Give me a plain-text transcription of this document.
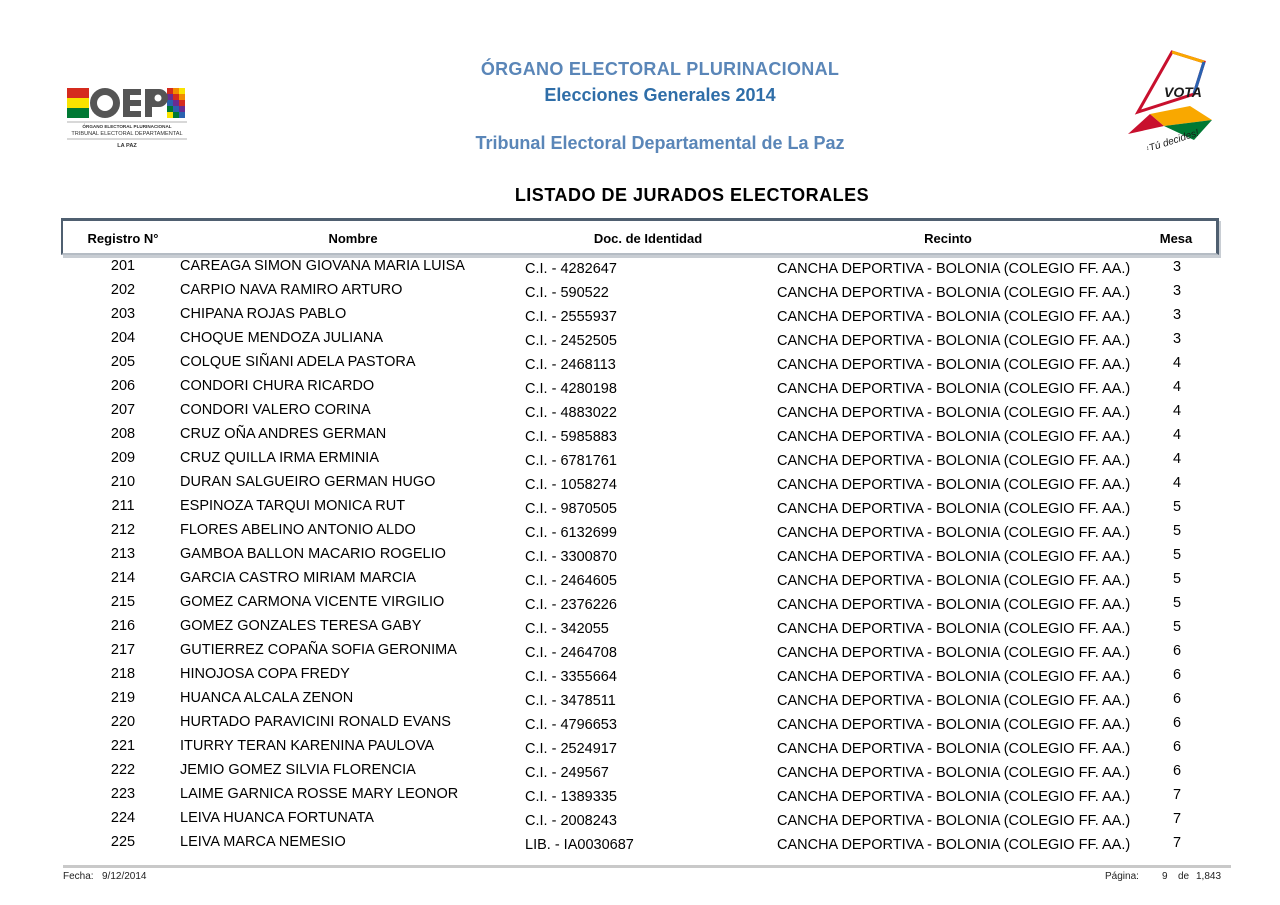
ÓRGANO ELECTORAL PLURINACIONAL
TRIBUNAL ELECTORAL DEPARTAMENTAL
LA PAZ
VOTA
¡Tú decides!
ÓRGANO ELECTORAL PLURINACIONAL
Elecciones Generales 2014
Tribunal Electoral Departamental de La Paz
LISTADO DE JURADOS ELECTORALES
Registro N°	Nombre	Doc. de Identidad	Recinto	Mesa
201	CAREAGA SIMON GIOVANA MARIA LUISA	C.I. - 4282647	CANCHA DEPORTIVA - BOLONIA (COLEGIO FF. AA.)	3
202	CARPIO NAVA RAMIRO ARTURO	C.I. - 590522	CANCHA DEPORTIVA - BOLONIA (COLEGIO FF. AA.)	3
203	CHIPANA ROJAS PABLO	C.I. - 2555937	CANCHA DEPORTIVA - BOLONIA (COLEGIO FF. AA.)	3
204	CHOQUE MENDOZA JULIANA	C.I. - 2452505	CANCHA DEPORTIVA - BOLONIA (COLEGIO FF. AA.)	3
205	COLQUE SIÑANI ADELA PASTORA	C.I. - 2468113	CANCHA DEPORTIVA - BOLONIA (COLEGIO FF. AA.)	4
206	CONDORI CHURA RICARDO	C.I. - 4280198	CANCHA DEPORTIVA - BOLONIA (COLEGIO FF. AA.)	4
207	CONDORI VALERO CORINA	C.I. - 4883022	CANCHA DEPORTIVA - BOLONIA (COLEGIO FF. AA.)	4
208	CRUZ OÑA ANDRES GERMAN	C.I. - 5985883	CANCHA DEPORTIVA - BOLONIA (COLEGIO FF. AA.)	4
209	CRUZ QUILLA IRMA ERMINIA	C.I. - 6781761	CANCHA DEPORTIVA - BOLONIA (COLEGIO FF. AA.)	4
210	DURAN SALGUEIRO GERMAN HUGO	C.I. - 1058274	CANCHA DEPORTIVA - BOLONIA (COLEGIO FF. AA.)	4
211	ESPINOZA TARQUI MONICA RUT	C.I. - 9870505	CANCHA DEPORTIVA - BOLONIA (COLEGIO FF. AA.)	5
212	FLORES ABELINO ANTONIO ALDO	C.I. - 6132699	CANCHA DEPORTIVA - BOLONIA (COLEGIO FF. AA.)	5
213	GAMBOA BALLON MACARIO ROGELIO	C.I. - 3300870	CANCHA DEPORTIVA - BOLONIA (COLEGIO FF. AA.)	5
214	GARCIA CASTRO MIRIAM MARCIA	C.I. - 2464605	CANCHA DEPORTIVA - BOLONIA (COLEGIO FF. AA.)	5
215	GOMEZ CARMONA VICENTE VIRGILIO	C.I. - 2376226	CANCHA DEPORTIVA - BOLONIA (COLEGIO FF. AA.)	5
216	GOMEZ GONZALES TERESA GABY	C.I. - 342055	CANCHA DEPORTIVA - BOLONIA (COLEGIO FF. AA.)	5
217	GUTIERREZ COPAÑA SOFIA GERONIMA	C.I. - 2464708	CANCHA DEPORTIVA - BOLONIA (COLEGIO FF. AA.)	6
218	HINOJOSA COPA FREDY	C.I. - 3355664	CANCHA DEPORTIVA - BOLONIA (COLEGIO FF. AA.)	6
219	HUANCA ALCALA ZENON	C.I. - 3478511	CANCHA DEPORTIVA - BOLONIA (COLEGIO FF. AA.)	6
220	HURTADO PARAVICINI RONALD EVANS	C.I. - 4796653	CANCHA DEPORTIVA - BOLONIA (COLEGIO FF. AA.)	6
221	ITURRY TERAN KARENINA PAULOVA	C.I. - 2524917	CANCHA DEPORTIVA - BOLONIA (COLEGIO FF. AA.)	6
222	JEMIO GOMEZ SILVIA FLORENCIA	C.I. - 249567	CANCHA DEPORTIVA - BOLONIA (COLEGIO FF. AA.)	6
223	LAIME GARNICA ROSSE MARY LEONOR	C.I. - 1389335	CANCHA DEPORTIVA - BOLONIA (COLEGIO FF. AA.)	7
224	LEIVA HUANCA FORTUNATA	C.I. - 2008243	CANCHA DEPORTIVA - BOLONIA (COLEGIO FF. AA.)	7
225	LEIVA MARCA NEMESIO	LIB. - IA0030687	CANCHA DEPORTIVA - BOLONIA (COLEGIO FF. AA.)	7
Fecha: 9/12/2014	Página: 9 de 1,843
